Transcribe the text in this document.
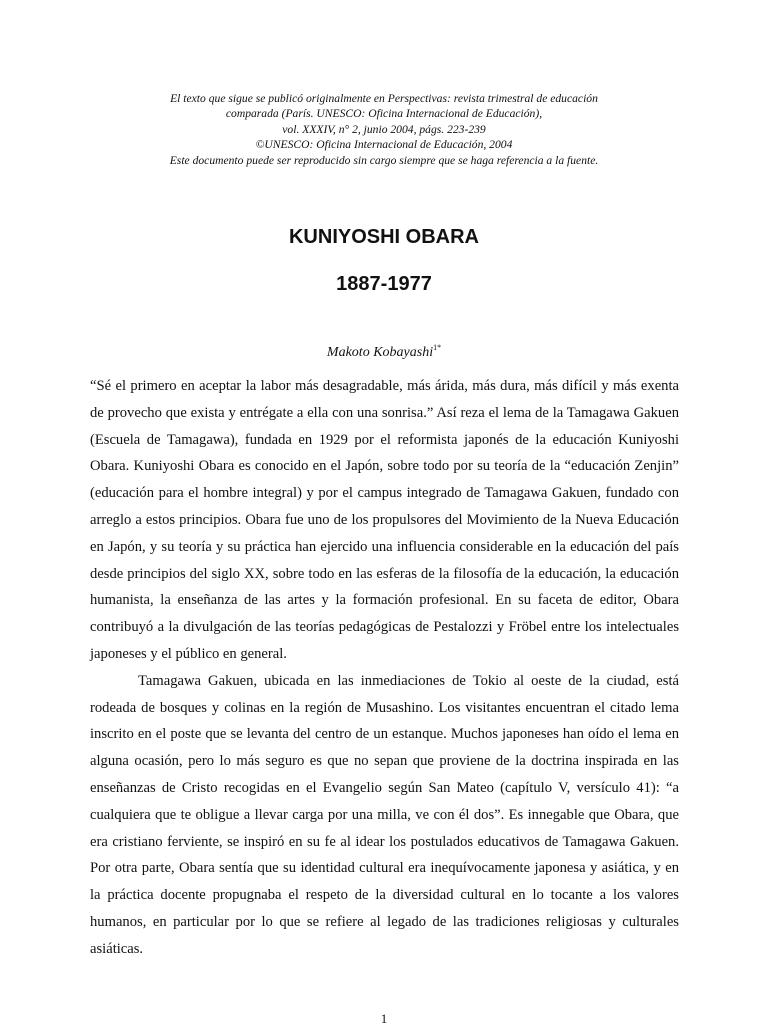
El texto que sigue se publicó originalmente en Perspectivas: revista trimestral de educación
comparada (París. UNESCO: Oficina Internacional de Educación),
vol. XXXIV, n° 2, junio 2004, págs. 223-239
©UNESCO: Oficina Internacional de Educación, 2004
Este documento puede ser reproducido sin cargo siempre que se haga referencia a la fuente.
KUNIYOSHI OBARA
1887-1977
Makoto Kobayashi$^{1*}$

“Sé el primero en aceptar la labor más desagradable, más árida, más dura, más difícil y más exenta de provecho que exista y entrégate a ella con una sonrisa.” Así reza el lema de la Tamagawa Gakuen (Escuela de Tamagawa), fundada en 1929 por el reformista japonés de la educación Kuniyoshi Obara. Kuniyoshi Obara es conocido en el Japón, sobre todo por su teoría de la “educación Zenjin” (educación para el hombre integral) y por el campus integrado de Tamagawa Gakuen, fundado con arreglo a estos principios. Obara fue uno de los propulsores del Movimiento de la Nueva Educación en Japón, y su teoría y su práctica han ejercido una influencia considerable en la educación del país desde principios del siglo XX, sobre todo en las esferas de la filosofía de la educación, la educación humanista, la enseñanza de las artes y la formación profesional. En su faceta de editor, Obara contribuyó a la divulgación de las teorías pedagógicas de Pestalozzi y Fröbel entre los intelectuales japoneses y el público en general.

Tamagawa Gakuen, ubicada en las inmediaciones de Tokio al oeste de la ciudad, está rodeada de bosques y colinas en la región de Musashino. Los visitantes encuentran el citado lema inscrito en el poste que se levanta del centro de un estanque. Muchos japoneses han oído el lema en alguna ocasión, pero lo más seguro es que no sepan que proviene de la doctrina inspirada en las enseñanzas de Cristo recogidas en el Evangelio según San Mateo (capítulo V, versículo 41): “a cualquiera que te obligue a llevar carga por una milla, ve con él dos”. Es innegable que Obara, que era cristiano ferviente, se inspiró en su fe al idear los postulados educativos de Tamagawa Gakuen. Por otra parte, Obara sentía que su identidad cultural era inequívocamente japonesa y asiática, y en la práctica docente propugnaba el respeto de la diversidad cultural en lo tocante a los valores humanos, en particular por lo que se refiere al legado de las tradiciones religiosas y culturales asiáticas.

1
